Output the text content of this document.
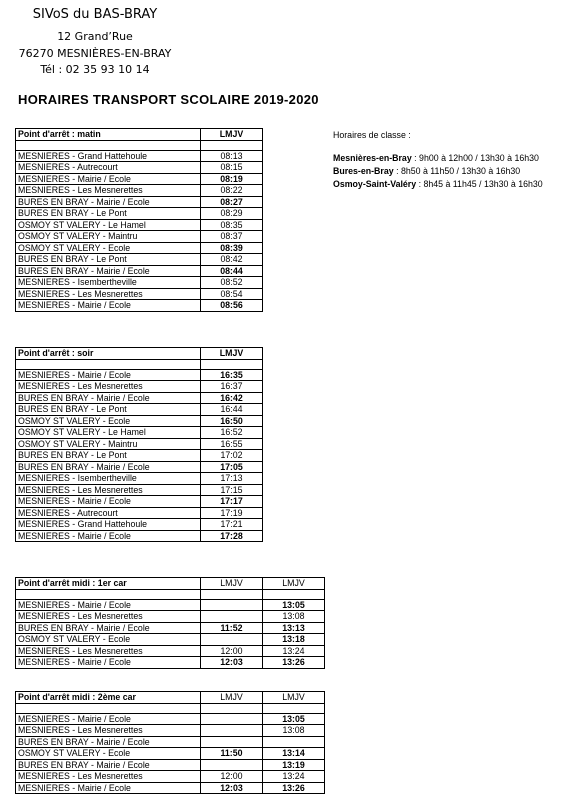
SIVoS du BAS-BRAY
12 Grand’Rue
76270 MESNIÈRES-EN-BRAY
Tél : 02 35 93 10 14
HORAIRES TRANSPORT SCOLAIRE 2019-2020
Horaires de classe :
Mesnières-en-Bray : 9h00 à 12h00 / 13h30 à 16h30
Bures-en-Bray : 8h50 à 11h50 / 13h30 à 16h30
Osmoy-Saint-Valéry : 8h45 à 11h45 / 13h30 à 16h30
Point d'arrêt : matin	LMJV

MESNIERES - Grand Hattehoule	08:13
MESNIERES - Autrecourt	08:15
MESNIERES - Mairie / Ecole	08:19
MESNIERES - Les Mesnerettes	08:22
BURES EN BRAY - Mairie / Ecole	08:27
BURES EN BRAY - Le Pont	08:29
OSMOY ST VALERY - Le Hamel	08:35
OSMOY ST VALERY - Maintru	08:37
OSMOY ST VALERY - Ecole	08:39
BURES EN BRAY - Le Pont	08:42
BURES EN BRAY - Mairie / Ecole	08:44
MESNIERES - Isembertheville	08:52
MESNIERES - Les Mesnerettes	08:54
MESNIERES - Mairie / Ecole	08:56
Point d'arrêt : soir	LMJV

MESNIERES - Mairie / Ecole	16:35
MESNIERES - Les Mesnerettes	16:37
BURES EN BRAY - Mairie / Ecole	16:42
BURES EN BRAY - Le Pont	16:44
OSMOY ST VALERY - Ecole	16:50
OSMOY ST VALERY - Le Hamel	16:52
OSMOY ST VALERY - Maintru	16:55
BURES EN BRAY - Le Pont	17:02
BURES EN BRAY - Mairie / Ecole	17:05
MESNIERES - Isembertheville	17:13
MESNIERES - Les Mesnerettes	17:15
MESNIERES - Mairie / Ecole	17:17
MESNIERES - Autrecourt	17:19
MESNIERES - Grand Hattehoule	17:21
MESNIERES - Mairie / Ecole	17:28
Point d'arrêt midi : 1er car	LMJV	LMJV

MESNIERES - Mairie / Ecole		13:05
MESNIERES - Les Mesnerettes		13:08
BURES EN BRAY - Mairie / Ecole	11:52	13:13
OSMOY ST VALERY - Ecole		13:18
MESNIERES - Les Mesnerettes	12:00	13:24
MESNIERES - Mairie / Ecole	12:03	13:26
Point d'arrêt midi : 2ème car	LMJV	LMJV

MESNIERES - Mairie / Ecole		13:05
MESNIERES - Les Mesnerettes		13:08
BURES EN BRAY - Mairie / Ecole		
OSMOY ST VALERY - Ecole	11:50	13:14
BURES EN BRAY - Mairie / Ecole		13:19
MESNIERES - Les Mesnerettes	12:00	13:24
MESNIERES - Mairie / Ecole	12:03	13:26
